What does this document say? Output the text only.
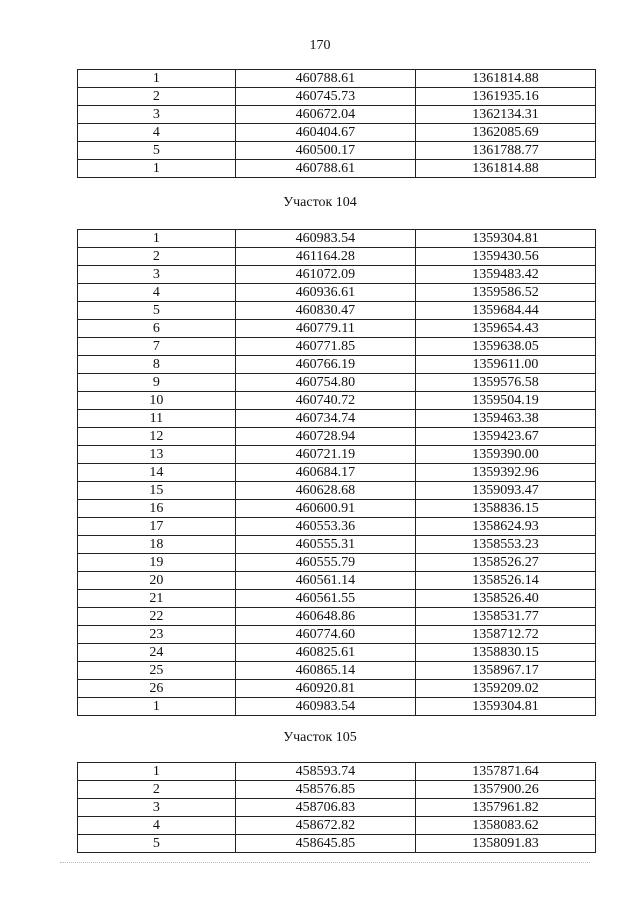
170
1	460788.61	1361814.88
2	460745.73	1361935.16
3	460672.04	1362134.31
4	460404.67	1362085.69
5	460500.17	1361788.77
1	460788.61	1361814.88
Участок 104
1	460983.54	1359304.81
2	461164.28	1359430.56
3	461072.09	1359483.42
4	460936.61	1359586.52
5	460830.47	1359684.44
6	460779.11	1359654.43
7	460771.85	1359638.05
8	460766.19	1359611.00
9	460754.80	1359576.58
10	460740.72	1359504.19
11	460734.74	1359463.38
12	460728.94	1359423.67
13	460721.19	1359390.00
14	460684.17	1359392.96
15	460628.68	1359093.47
16	460600.91	1358836.15
17	460553.36	1358624.93
18	460555.31	1358553.23
19	460555.79	1358526.27
20	460561.14	1358526.14
21	460561.55	1358526.40
22	460648.86	1358531.77
23	460774.60	1358712.72
24	460825.61	1358830.15
25	460865.14	1358967.17
26	460920.81	1359209.02
1	460983.54	1359304.81
Участок 105
1	458593.74	1357871.64
2	458576.85	1357900.26
3	458706.83	1357961.82
4	458672.82	1358083.62
5	458645.85	1358091.83
